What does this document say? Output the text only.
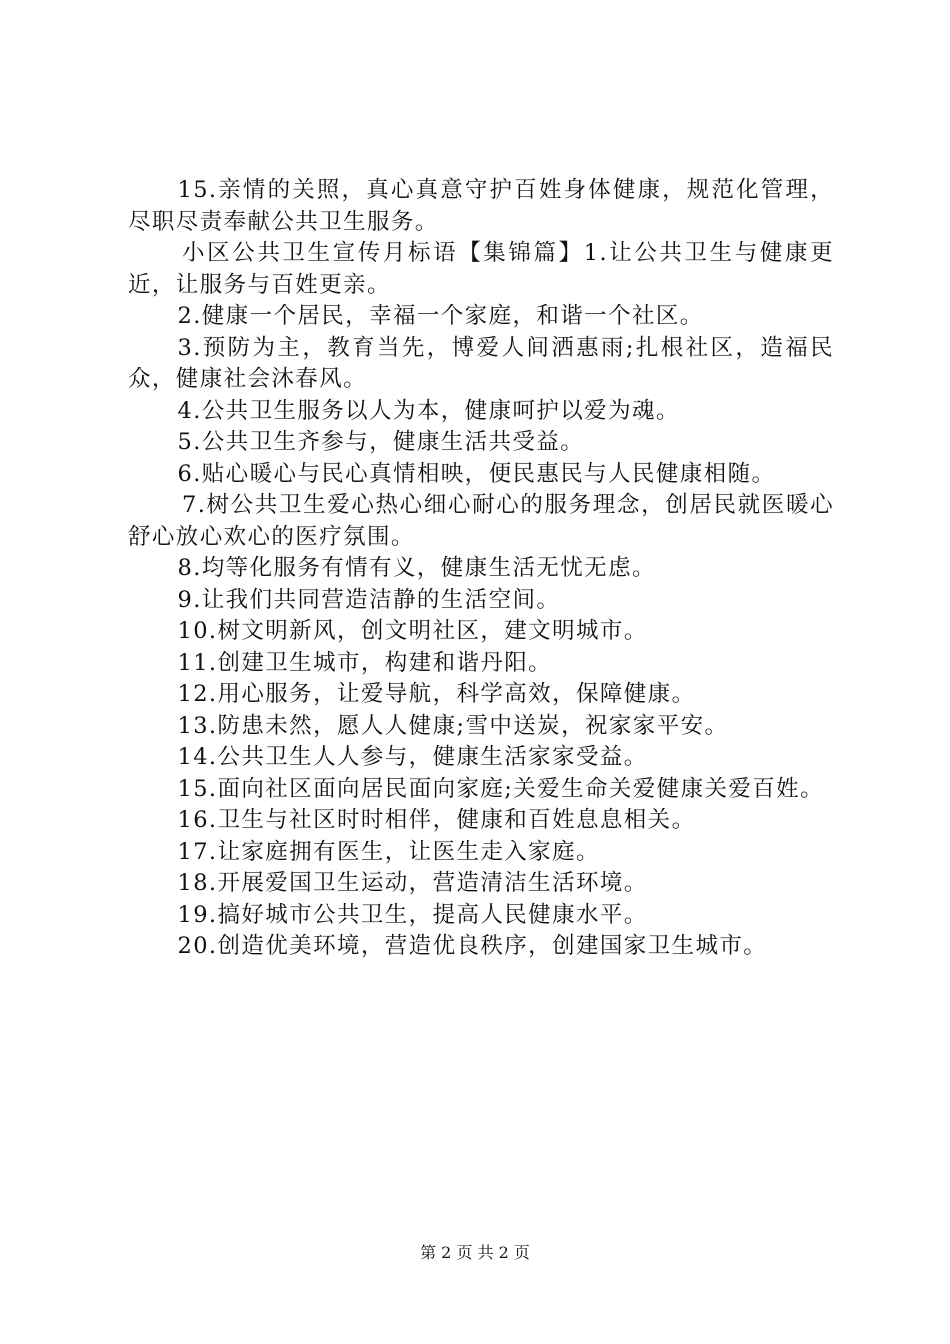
15.亲情的关照，真心真意守护百姓身体健康，规范化管理，尽职尽责奉献公共卫生服务。

小区公共卫生宣传月标语【集锦篇】1.让公共卫生与健康更近，让服务与百姓更亲。

2.健康一个居民，幸福一个家庭，和谐一个社区。

3.预防为主，教育当先，博爱人间洒惠雨;扎根社区，造福民众，健康社会沐春风。

4.公共卫生服务以人为本，健康呵护以爱为魂。

5.公共卫生齐参与，健康生活共受益。

6.贴心暖心与民心真情相映，便民惠民与人民健康相随。

7.树公共卫生爱心热心细心耐心的服务理念，创居民就医暖心舒心放心欢心的医疗氛围。

8.均等化服务有情有义，健康生活无忧无虑。

9.让我们共同营造洁静的生活空间。

10.树文明新风，创文明社区，建文明城市。

11.创建卫生城市，构建和谐丹阳。

12.用心服务，让爱导航，科学高效，保障健康。

13.防患未然，愿人人健康;雪中送炭，祝家家平安。

14.公共卫生人人参与，健康生活家家受益。

15.面向社区面向居民面向家庭;关爱生命关爱健康关爱百姓。

16.卫生与社区时时相伴，健康和百姓息息相关。

17.让家庭拥有医生，让医生走入家庭。

18.开展爱国卫生运动，营造清洁生活环境。

19.搞好城市公共卫生，提高人民健康水平。

20.创造优美环境，营造优良秩序，创建国家卫生城市。

第 2 页 共 2 页
